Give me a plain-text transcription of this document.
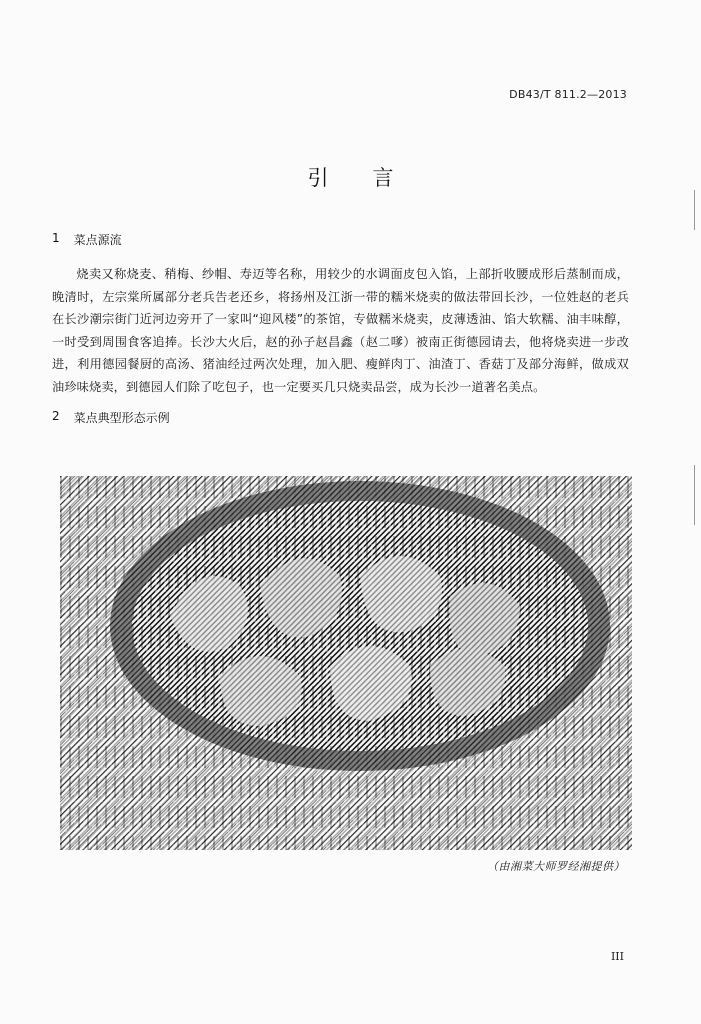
DB43/T 811.2—2013
引言
1 菜点源流
烧卖又称烧麦、稍梅、纱帽、寿迈等名称，用较少的水调面皮包入馅，上部折收腰成形后蒸制而成，晚清时，左宗棠所属部分老兵告老还乡，将扬州及江浙一带的糯米烧卖的做法带回长沙，一位姓赵的老兵在长沙潮宗街门近河边旁开了一家叫“迎风楼”的茶馆，专做糯米烧卖，皮薄透油、馅大软糯、油丰味醇，一时受到周围食客追捧。长沙大火后，赵的孙子赵昌鑫（赵二嗲）被南正街德园请去，他将烧卖进一步改进，利用德园餐厨的高汤、猪油经过两次处理，加入肥、瘦鲜肉丁、油渣丁、香菇丁及部分海鲜，做成双油珍味烧卖，到德园人们除了吃包子，也一定要买几只烧卖品尝，成为长沙一道著名美点。
2 菜点典型形态示例
（由湘菜大师罗经湘提供）
III
